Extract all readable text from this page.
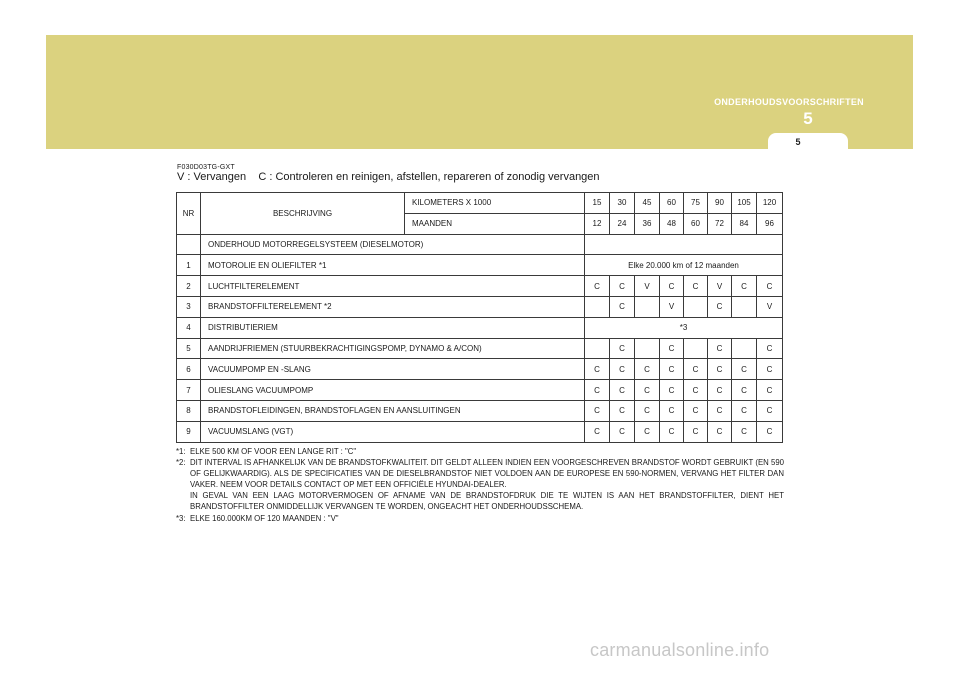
ONDERHOUDSVOORSCHRIFTEN
5
5
F030D03TG-GXT
V : Vervangen    C : Controleren en reinigen, afstellen, repareren of zonodig vervangen
NR	BESCHRIJVING	KILOMETERS X 1000	15	30	45	60	75	90	105	120
		MAANDEN	12	24	36	48	60	72	84	96
	ONDERHOUD MOTORREGELSYSTEEM (DIESELMOTOR)									
1	MOTOROLIE EN OLIEFILTER *1		Elke 20.000 km of 12 maanden							
2	LUCHTFILTERELEMENT		C	C	V	C	C	V	C	C
3	BRANDSTOFFILTERELEMENT *2			C		V		C		V
4	DISTRIBUTIERIEM		*3							
5	AANDRIJFRIEMEN (STUURBEKRACHTIGINGSPOMP, DYNAMO & A/CON)			C		C		C		C
6	VACUUMPOMP EN -SLANG		C	C	C	C	C	C	C	C
7	OLIESLANG VACUUMPOMP		C	C	C	C	C	C	C	C
8	BRANDSTOFLEIDINGEN, BRANDSTOFLAGEN EN AANSLUITINGEN		C	C	C	C	C	C	C	C
9	VACUUMSLANG (VGT)		C	C	C	C	C	C	C	C
*1: ELKE 500 KM OF VOOR EEN LANGE RIT : "C"

*2: DIT INTERVAL IS AFHANKELIJK VAN DE BRANDSTOFKWALITEIT. DIT GELDT ALLEEN INDIEN EEN VOORGESCHREVEN BRANDSTOF WORDT GEBRUIKT (EN 590 OF GELIJKWAARDIG). ALS DE SPECIFICATIES VAN DE DIESELBRANDSTOF NIET VOLDOEN AAN DE EUROPESE EN 590-NORMEN, VERVANG HET FILTER DAN VAKER. NEEM VOOR DETAILS CONTACT OP MET EEN OFFICIËLE HYUNDAI-DEALER.

IN GEVAL VAN EEN LAAG MOTORVERMOGEN OF AFNAME VAN DE BRANDSTOFDRUK DIE TE WIJTEN IS AAN HET BRANDSTOFFILTER, DIENT HET BRANDSTOFFILTER ONMIDDELLIJK VERVANGEN TE WORDEN, ONGEACHT HET ONDERHOUDSSCHEMA.

*3: ELKE 160.000KM OF 120 MAANDEN : "V"

carmanualsonline.info
